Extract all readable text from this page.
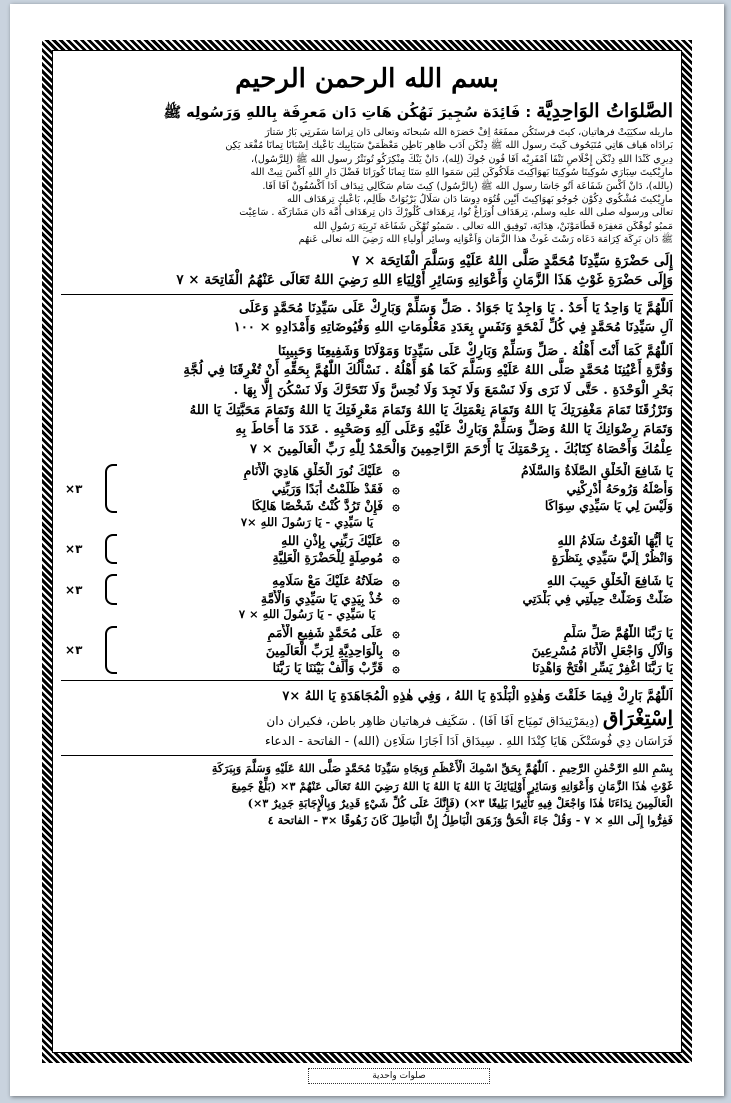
بسم الله الرحمن الرحيم
الصَّلوَاتُ الوَاحِدِيَّة : فَائِدَة سُجِيرَ نَهُكُن هَاتِ دَان مَعرِفَة بِاللهِ وَرَسُولِه ﷺ

ماريله سكيَيَتْ فرهاتيان، كيتَ فرستَكُن ممفَعَهُ اِفْ حَضرَة الله سُبحانَه وتعالى دَان تِراسَا سَفَرتِي بَارُ سَتارَ

بَرادَاه هَياف هَاتِي مُتَيَحُوف كَيتَ رسول الله ﷺ دِنْكَن اَدَب ظاهِر بَاطِن مَعْظَمَيْ سَبَابِيك بَاعْيك اِسْبَانَا تِمانَا مُقْعَد يَكِن

دِيرِي كَنْدَا اللهِ دِنْكَن إِخْلَاصِ تَنْفَا اَمْفَرِيْه اَفَا فُون جُوكَ (لِله)، دَانْ يَنْكَ مِنْكِرَكُو تُونَتْرُ رسول الله ﷺ (لِلرَّسُول)،

مارِيْكيتَ سِبَارَي سُوكِيتَا سُوكِيتَا بَهوَاكِيتَ مَلَاكُوكَن لِيَن سَمَوا اللهِ سَتَا تِمانَا كُورَانَا فَضْلَ دَارِ اللهِ اَكْسَ تِيتْ الله

(بِالله)، دَانْ اَكْسَ شَفَاعَة اَتُو جَاسَا رسول الله ﷺ (بِالرَّسُول) كِيتَ سَام سَكَالِي تِيدَاف اَدَا اَكْسُفُونْ اَفَا اَفَا.

مارِيْكيتَ مُشْكُوي دِكُوْن جُوجُو بَهوَاكِيتَ اَيْيِن قُتُوَه دِوسَا دَان سَلَالُ بَرْبُوَاتْ ظَالِم، بَاعْيك تِرهَدَاف الله

تعالى ورسوله صلى الله عليه وسلم، تِرهَدَاف اُورَاغْ تُوا، تِرهَدَاف كُلُورْكَ دَان تِرهَدَاف أُمَّة دَان مَشَارَكَة . سَاعِيْت

مَمبُو تُوهْكَن مَغفِرَة قَطَامَوْنَنْ، هِدَايَة، تَوفِيق الله تعالى . سَمبُو تُهْكَن شَفَاعَة تَرِبِيَة رَسُولِ الله

ﷺ دَان بَرِكَة كِرَامَة دَعَاه رَسْتَ غَوثْ هذا الزَّمَان وَاَعْوَانِه وسائِر أَولياءِ الله رَضِيَ الله تعالى عَنهُم

إِلَى حَضْرَةِ سَيِّدِنَا مُحَمَّدٍ صَلَّى اللهُ عَلَيْهِ وَسَلَّمَ الْفَاتِحَة × ٧

وَإِلَى حَضْرَةِ غَوْثِ هَذَا الزَّمَانِ وَأَعْوَانِهِ وَسَائِرِ أَوْلِيَاءِ اللهِ رَضِيَ اللهُ تَعَالَى عَنْهُمُ الْفَاتِحَة × ٧

اَللّٰهُمَّ يَا وَاحِدُ يَا أَحَدُ . يَا وَاجِدُ يَا جَوَادُ . صَلِّ وَسَلِّمْ وَبَارِكْ عَلَى سَيِّدِنَا مُحَمَّدٍ وَعَلَى

آلِ سَيِّدِنَا مُحَمَّدٍ فِي كُلِّ لَمْحَةٍ وَنَفَسٍ بِعَدَدِ مَعْلُومَاتِ اللهِ وَفُيُوضَاتِهِ وَأَمْدَادِهِ × ١٠٠

اَللّٰهُمَّ كَمَا أَنْتَ أَهْلُهُ . صَلِّ وَسَلِّمْ وَبَارِكْ عَلَى سَيِّدِنَا وَمَوْلَانَا وَشَفِيعِنَا وَحَبِيبِنَا

وَقُرَّةِ أَعْيُنِنَا مُحَمَّدٍ صَلَّى اللهُ عَلَيْهِ وَسَلَّمَ كَمَا هُوَ أَهْلُهُ . نَسْأَلُكَ اللّٰهُمَّ بِحَقِّهِ أَنْ تُغْرِقَنَا فِي لُجَّةِ

بَحْرِ الْوَحْدَةِ . حَتَّى لَا نَرَى وَلَا نَسْمَعَ وَلَا نَجِدَ وَلَا نُحِسَّ وَلَا نَتَحَرَّكَ وَلَا نَسْكُنَ إِلَّا بِهَا .

وَتَرْزُقَنَا تَمَامَ مَغْفِرَتِكَ يَا اللهُ وَتَمَامَ نِعْمَتِكَ يَا اللهُ وَتَمَامَ مَعْرِفَتِكَ يَا اللهُ وَتَمَامَ مَحَبَّتِكَ يَا اللهُ

وَتَمَامَ رِضْوَانِكَ يَا اللهُ وَصَلِّ وَسَلِّمْ وَبَارِكْ عَلَيْهِ وَعَلَى آلِهِ وَصَحْبِهِ . عَدَدَ مَا أَحَاطَ بِهِ

عِلْمُكَ وَأَحْصَاهُ كِتَابُكَ . بِرَحْمَتِكَ يَا أَرْحَمَ الرَّاحِمِينَ وَالْحَمْدُ لِلّٰهِ رَبِّ الْعَالَمِينَ × ٧

يَا شَافِعَ الْخَلْقِ الصَّلَاةُ وَالسَّلَامُ
۞
عَلَيْكَ نُورَ الْخَلْقِ هَادِيَ الْأَنَامِ
وَأَصْلَهُ وَرُوحَهُ أَدْرِكْنِي
۞
فَقَدْ ظَلَمْتُ أَبَدًا وَرَبِّنِي
وَلَيْسَ لِي يَا سَيِّدِي سِوَاكَا
۞
فَإِنْ تَرُدَّ كُنْتُ شَخْصًا هَالِكَا
×٣
يَا سَيِّدِي - يَا رَسُولَ اللهِ ×٧
يَا أَيُّهَا الْغَوْثُ سَلَامُ اللهِ
۞
عَلَيْكَ رَبِّنِي بِإِذْنِ اللهِ
وَانْظُرْ إِلَيَّ سَيِّدِي بِنَظْرَةٍ
۞
مُوصِلَةٍ لِلْحَضْرَةِ الْعَلِيَّةِ
×٣
يَا شَافِعَ الْخَلْقِ حَبِيبَ اللهِ
۞
صَلَاتُهُ عَلَيْكَ مَعْ سَلَامِهِ
ضَلَّتْ وَضَلَّتْ حِيلَتِي فِي بَلْدَتِي
۞
خُذْ بِيَدِي يَا سَيِّدِي وَالْأُمَّةِ
×٣
يَا سَيِّدِي - يَا رَسُولَ اللهِ × ٧
يَا رَبَّنَا اللّٰهُمَّ صَلِّ سَلِّمِ
۞
عَلَى مُحَمَّدٍ شَفِيعِ الْأُمَمِ
وَالْآلِ وَاجْعَلِ الْأَنَامَ مُسْرِعِينَ
۞
بِالْوَاحِدِيَّةِ لِرَبِّ الْعَالَمِينَ
يَا رَبَّنَا اغْفِرْ يَسِّرِ افْتَحْ وَاهْدِنَا
۞
قَرِّبْ وَأَلِّفْ بَيْنَنَا يَا رَبَّنَا
×٣

اَللّٰهُمَّ بَارِكْ فِيمَا خَلَقْتَ وَهٰذِهِ الْبَلْدَةِ يَا اللهُ ، وَفِي هٰذِهِ الْمُجَاهَدَةِ يَا اللهُ ×٧

اِسْتِغْرَاق (دِيمَرْتِيدَاق تَمِيَاج اَفَا اَفَا) . سَكَنِف فرهاتيان ظاهِر باطن، فكيران دان
فَرَاسَان دِي فُوسَتْكَن هَايَا كِنْدَا اللهِ . سِيدَاق اَدَا اَجَارَا سَلَاءِن (الله) - الفاتحة - الدعاء

بِسْمِ اللهِ الرَّحْمٰنِ الرَّحِيمِ . اَللّٰهُمَّ بِحَقِّ اسْمِكَ الْأَعْظَمِ وَبِجَاهِ سَيِّدِنَا مُحَمَّدٍ صَلَّى اللهُ عَلَيْهِ وَسَلَّمَ وَبِبَرَكَةِ

غَوْثِ هٰذَا الزَّمَانِ وَأَعْوَانِهِ وَسَائِرِ أَوْلِيَائِكَ يَا اللهُ يَا اللهُ يَا اللهُ رَضِيَ اللهُ تَعَالَى عَنْهُمْ ٣× (بَلِّغْ جَمِيعَ

الْعَالَمِينَ نِدَاءَنَا هٰذَا وَاجْعَلْ فِيهِ تَأْثِيرًا بَلِيغًا ٣×) (فَإِنَّكَ عَلَى كُلِّ شَيْءٍ قَدِيرٌ وَبِالْإِجَابَةِ جَدِيرٌ ٣×)

فَفِرُّوا إِلَى اللهِ × ٧ - وَقُلْ جَاءَ الْحَقُّ وَزَهَقَ الْبَاطِلُ إِنَّ الْبَاطِلَ كَانَ زَهُوقًا ×٣ - الفاتحة ٤

صلوات واحدية
